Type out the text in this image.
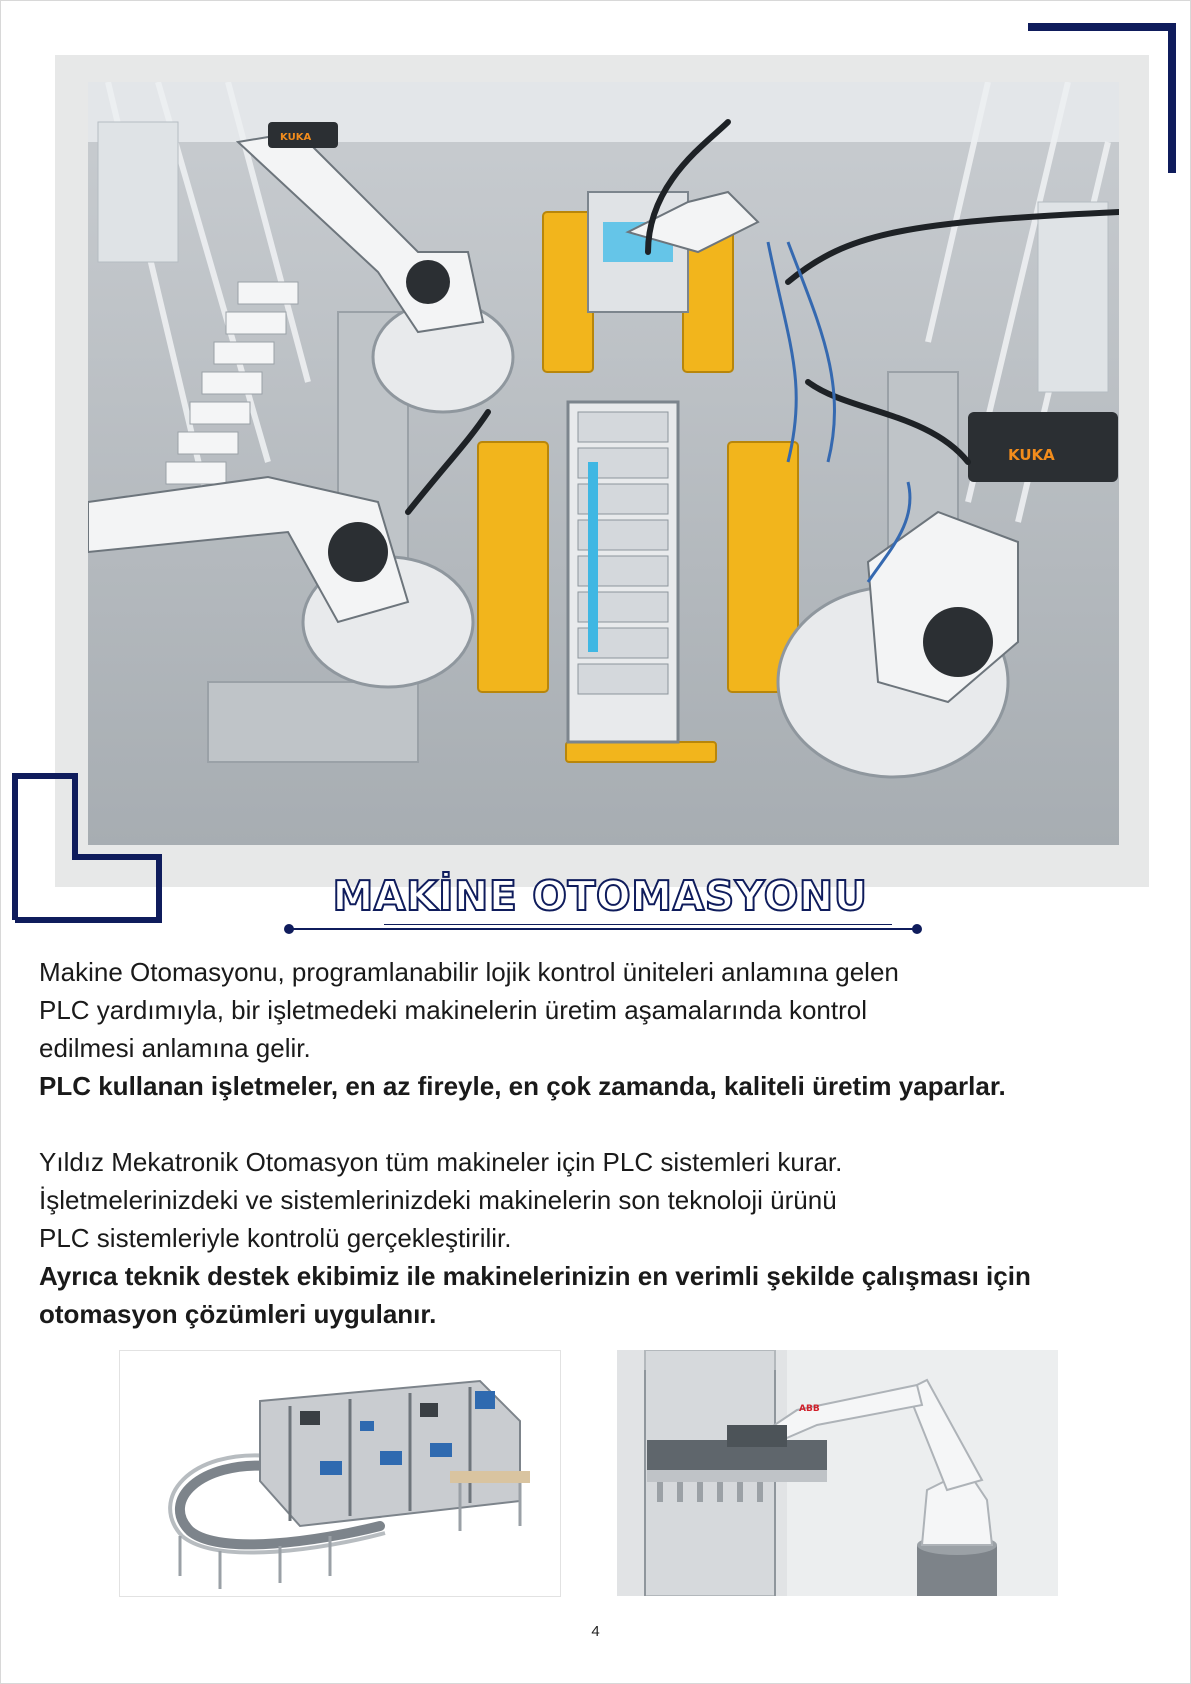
KUKA
KUKA
MAKİNE OTOMASYONU

Makine Otomasyonu, programlanabilir lojik kontrol üniteleri anlamına gelen

PLC yardımıyla, bir işletmedeki makinelerin üretim aşamalarında kontrol

edilmesi anlamına gelir.

PLC kullanan işletmeler, en az fireyle, en çok zamanda, kaliteli üretim yaparlar.

Yıldız Mekatronik Otomasyon tüm makineler için PLC sistemleri kurar.

İşletmelerinizdeki ve sistemlerinizdeki makinelerin son teknoloji ürünü

PLC sistemleriyle kontrolü gerçekleştirilir.

Ayrıca teknik destek ekibimiz ile makinelerinizin en verimli şekilde çalışması için

otomasyon çözümleri uygulanır.

ABB
4
